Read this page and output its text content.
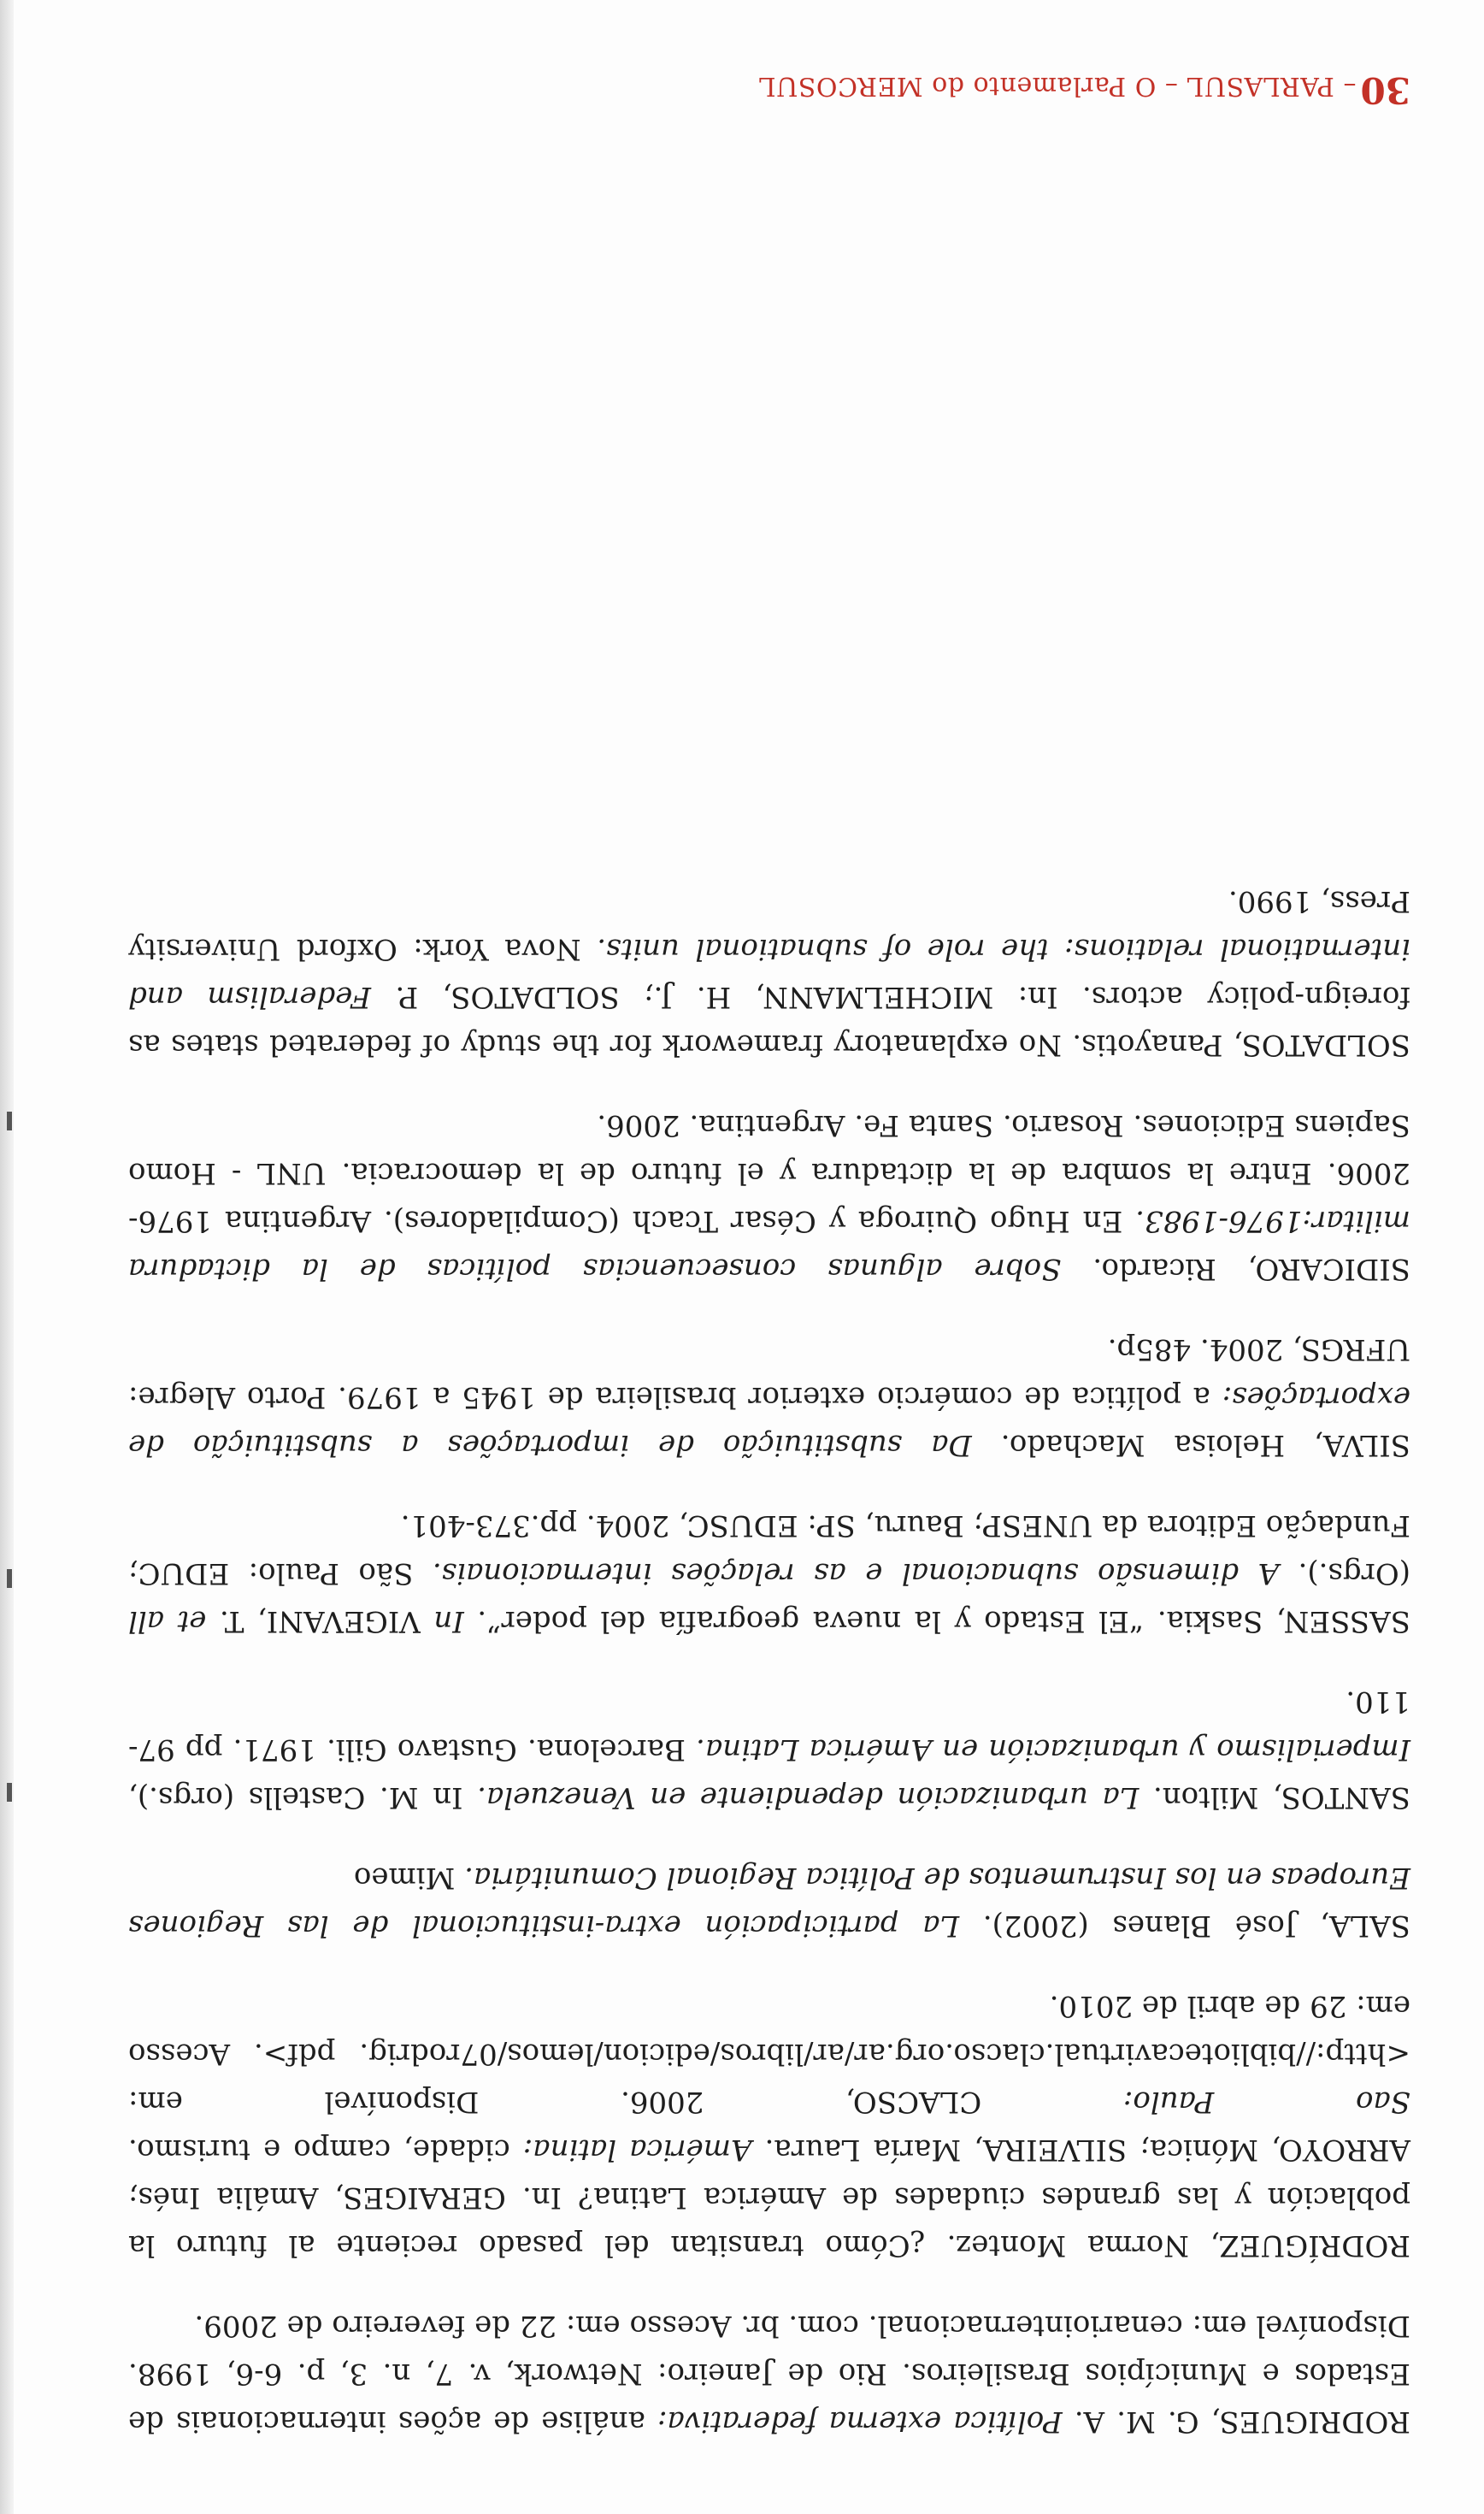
RODRIGUES, G. M. A. Política externa federativa: análise de ações internacionais de Estados e Municípios Brasileiros. Rio de Janeiro: Network, v. 7, n. 3, p. 6-6, 1998. Disponível em: cenariointernacional. com. br. Acesso em: 22 de fevereiro de 2009.

RODRÍGUEZ, Norma Montez. ¿Cómo transitan del pasado reciente al futuro la población y las grandes ciudades de América Latina? In. GERAIGES, Amália Inés; ARROYO, Mónica; SILVEIRA, María Laura. América latina: cidade, campo e turismo. Sao Paulo: CLACSO, 2006. Disponível em: <http://bibliotecavirtual.clacso.org.ar/ar/libros/edicion/lemos/07rodrig. pdf>. Acesso em: 29 de abril de 2010.

SALA, José Blanes (2002). La participación extra-institucional de las Regiones Europeas en los Instrumentos de Política Regional Comunitária. Mimeo

SANTOS, Milton. La urbanización dependiente en Venezuela. In M. Castells (orgs.), Imperialismo y urbanización en América Latina. Barcelona. Gustavo Gili. 1971. pp 97-110.

SASSEN, Saskia. “El Estado y la nueva geografía del poder”. In VIGEVANI, T. et all (Orgs.). A dimensão subnacional e as relações internacionais. São Paulo: EDUC; Fundação Editora da UNESP; Bauru, SP: EDUSC, 2004. pp.373-401.

SILVA, Heloisa Machado. Da substituição de importações a substituição de exportações: a política de comércio exterior brasileira de 1945 a 1979. Porto Alegre: UFRGS, 2004. 485p.

SIDICARO, Ricardo. Sobre algunas consecuencias políticas de la dictadura militar:1976-1983. En Hugo Quiroga y César Tcach (Compiladores). Argentina 1976- 2006. Entre la sombra de la dictadura y el futuro de la democracia. UNL - Homo Sapiens Ediciones. Rosario. Santa Fe. Argentina. 2006.

SOLDATOS, Panayotis. No explanatory framework for the study of federated states as foreign-policy actors. In: MICHELMANN, H. J.; SOLDATOS, P. Federalism and international relations: the role of subnational units. Nova York: Oxford University Press, 1990.

30 – PARLASUL – O Parlamento do MERCOSUL
